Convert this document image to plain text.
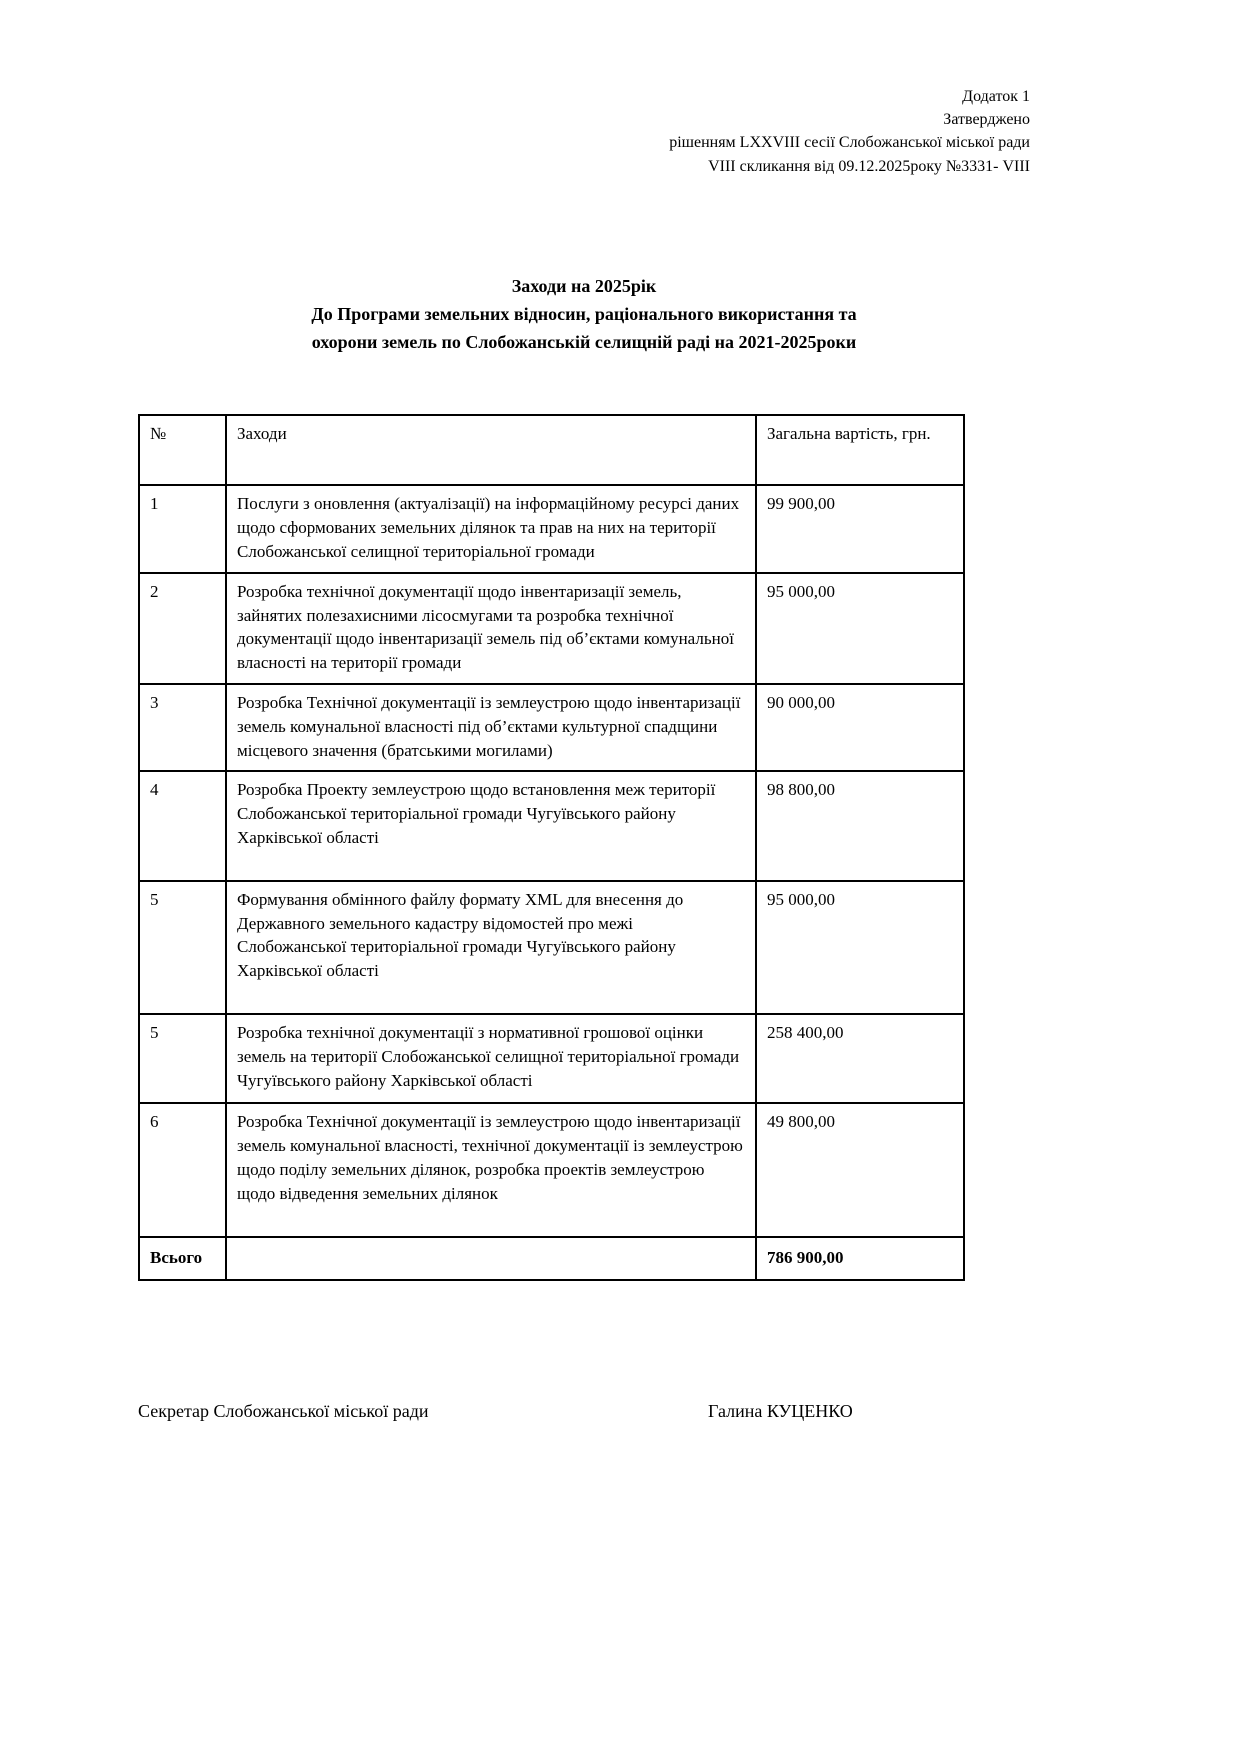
Додаток 1
Затверджено
рішенням LXXVIII сесії Слобожанської міської ради
VIII скликання від 09.12.2025року №3331- VIII
Заходи на 2025рік
До Програми земельних відносин, раціонального використання та
охорони земель по Слобожанській селищній раді на 2021-2025роки
№	Заходи	Загальна вартість, грн.
1	Послуги з оновлення (актуалізації) на інформаційному ресурсі даних щодо сформованих земельних ділянок та прав на них на території Слобожанської селищної територіальної громади	99 900,00
2	Розробка технічної документації щодо інвентаризації земель, зайнятих полезахисними лісосмугами та розробка технічної документації щодо інвентаризації земель під об’єктами комунальної власності на території громади	95 000,00
3	Розробка Технічної документації із землеустрою щодо інвентаризації земель комунальної власності під об’єктами культурної спадщини місцевого значення (братськими могилами)	90 000,00
4	Розробка Проекту землеустрою щодо встановлення меж території Слобожанської територіальної громади Чугуївського району Харківської області	98 800,00
5	Формування обмінного файлу формату XML для внесення до Державного земельного кадастру відомостей про межі Слобожанської територіальної громади Чугуївського району Харківської області	95 000,00
5	Розробка технічної документації з нормативної грошової оцінки земель на території Слобожанської селищної територіальної громади Чугуївського району Харківської області	258 400,00
6	Розробка Технічної документації із землеустрою щодо інвентаризації земель комунальної власності, технічної документації із землеустрою щодо поділу земельних ділянок, розробка проектів землеустрою щодо відведення земельних ділянок	49 800,00
Всього		786 900,00
Секретар Слобожанської міської ради	Галина КУЦЕНКО
